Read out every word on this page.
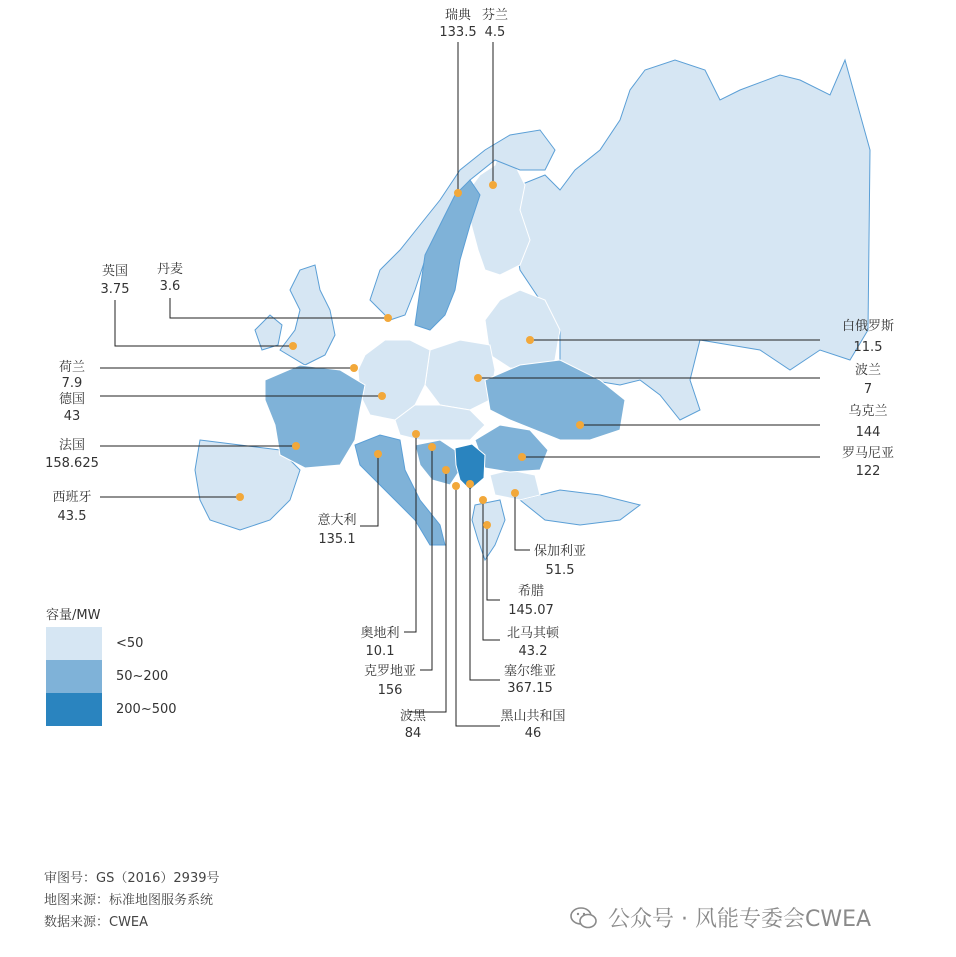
瑞典
133.5
芬兰
4.5
英国
3.75
丹麦
3.6
荷兰
7.9
德国
43
法国
158.625
西班牙
43.5	意大利
135.1
奥地利
10.1
克罗地亚
156
波黑
84
黑山共和国
46
塞尔维亚
367.15
北马其顿
43.2
希腊
145.07
保加利亚
51.5
罗马尼亚
122
乌克兰
144
波兰
7
白俄罗斯
11.5
容量/MW
<50
50~200
200~500
审图号：GS（2016）2939号
地图来源：标准地图服务系统
数据来源：CWEA	公众号 · 风能专委会CWEA
